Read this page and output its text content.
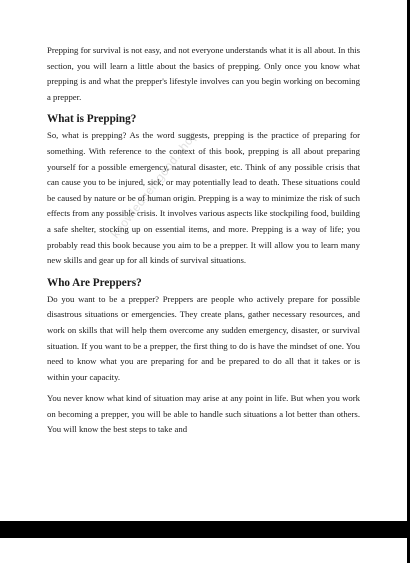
Prepping for survival is not easy, and not everyone understands what it is all about. In this section, you will learn a little about the basics of prepping. Only once you know what prepping is and what the prepper's lifestyle involves can you begin working on becoming a prepper.

What is Prepping?

So, what is prepping? As the word suggests, prepping is the practice of preparing for something. With reference to the context of this book, prepping is all about preparing yourself for a possible emergency, natural disaster, etc. Think of any possible crisis that can cause you to be injured, sick, or may potentially lead to death. These situations could be caused by nature or be of human origin. Prepping is a way to minimize the risk of such effects from any possible crisis. It involves various aspects like stockpiling food, building a safe shelter, stocking up on essential items, and more. Prepping is a way of life; you probably read this book because you aim to be a prepper. It will allow you to learn many new skills and gear up for all kinds of survival situations.

Who Are Preppers?

Do you want to be a prepper? Preppers are people who actively prepare for possible disastrous situations or emergencies. They create plans, gather necessary resources, and work on skills that will help them overcome any sudden emergency, disaster, or survival situation. If you want to be a prepper, the first thing to do is have the mindset of one. You need to know what you are preparing for and be prepared to do all that it takes or is within your capacity.

You never know what kind of situation may arise at any point in life. But when you work on becoming a prepper, you will be able to handle such situations a lot better than others. You will know the best steps to take and

knowledgeisgood.shop
